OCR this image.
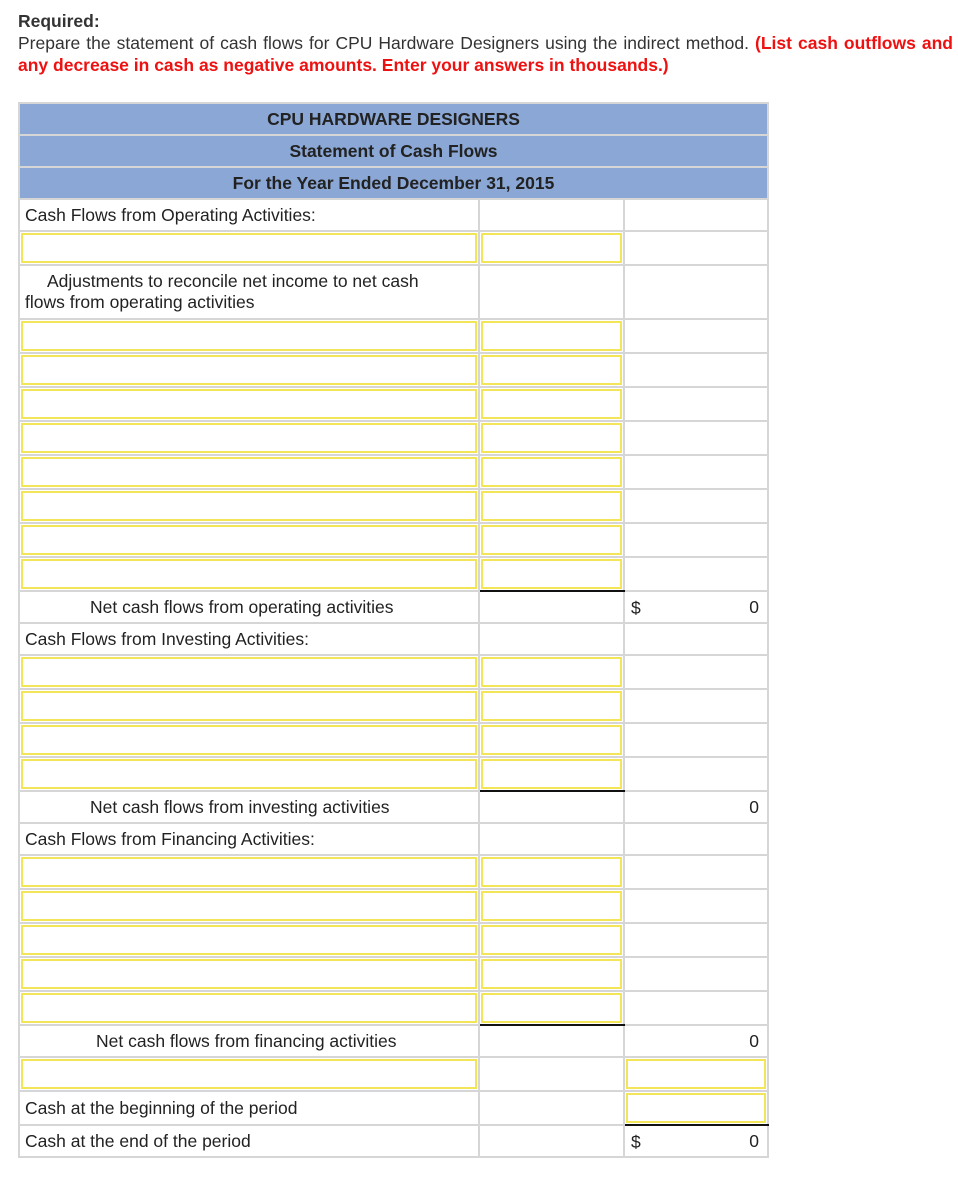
Required:
Prepare the statement of cash flows for CPU Hardware Designers using the indirect method. (List cash outflows and any decrease in cash as negative amounts. Enter your answers in thousands.)
CPU HARDWARE DESIGNERS		
Statement of Cash Flows		
For the Year Ended December 31, 2015		
Cash Flows from Operating Activities:		

Adjustments to reconcile net income to net cash
flows from operating activities		

Net cash flows from operating activities		$ 0
Cash Flows from Investing Activities:		

Net cash flows from investing activities		0
Cash Flows from Financing Activities:		

Net cash flows from financing activities		0

Cash at the beginning of the period		

Cash at the end of the period		$ 0
